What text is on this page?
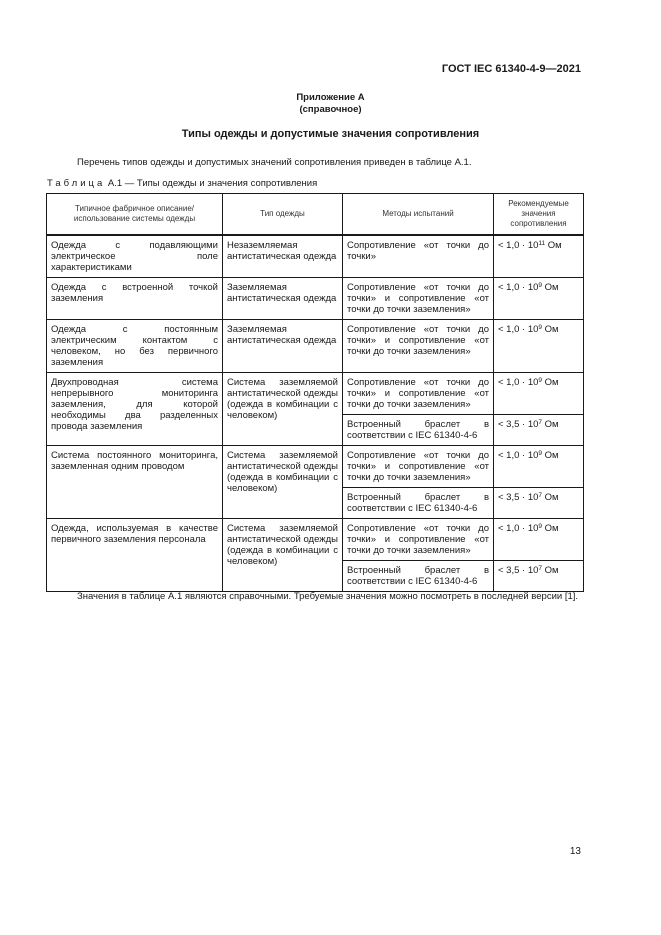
ГОСТ IEC 61340-4-9—2021
Приложение А
(справочное)
Типы одежды и допустимые значения сопротивления
Перечень типов одежды и допустимых значений сопротивления приведен в таблице А.1.
Таблица А.1 — Типы одежды и значения сопротивления
Типичное фабричное описание/ использование системы одежды	Тип одежды	Методы испытаний	Рекомендуемые значения сопротивления
Одежда с подавляющими электрическое поле характеристиками	Незаземляемая антистатическая одежда	Сопротивление «от точки до точки»	< $1,0 \cdot 10^{11}$ Ом
Одежда с встроенной точкой заземления	Заземляемая антистатическая одежда	Сопротивление «от точки до точки» и сопротивление «от точки до точки заземления»	< $1,0 \cdot 10^9$ Ом
Одежда с постоянным электрическим контактом с человеком, но без первичного заземления	Заземляемая антистатическая одежда	Сопротивление «от точки до точки» и сопротивление «от точки до точки заземления»	< $1,0 \cdot 10^9$ Ом
Двухпроводная система непрерывного мониторинга заземления, для которой необходимы два разделенных провода заземления	Система заземляемой антистатической одежды (одежда в комбинации с человеком)	Сопротивление «от точки до точки» и сопротивление «от точки до точки заземления»	< $1,0 \cdot 10^9$ Ом
		Встроенный браслет в соответствии с IEC 61340-4-6	< $3,5 \cdot 10^7$ Ом
Система постоянного мониторинга, заземленная одним проводом	Система заземляемой антистатической одежды (одежда в комбинации с человеком)	Сопротивление «от точки до точки» и сопротивление «от точки до точки заземления»	< $1,0 \cdot 10^9$ Ом
		Встроенный браслет в соответствии с IEC 61340-4-6	< $3,5 \cdot 10^7$ Ом
Одежда, используемая в качестве первичного заземления персонала	Система заземляемой антистатической одежды (одежда в комбинации с человеком)	Сопротивление «от точки до точки» и сопротивление «от точки до точки заземления»	< $1,0 \cdot 10^9$ Ом
		Встроенный браслет в соответствии с IEC 61340-4-6	< $3,5 \cdot 10^7$ Ом
Значения в таблице А.1 являются справочными. Требуемые значения можно посмотреть в последней версии [1].
13
